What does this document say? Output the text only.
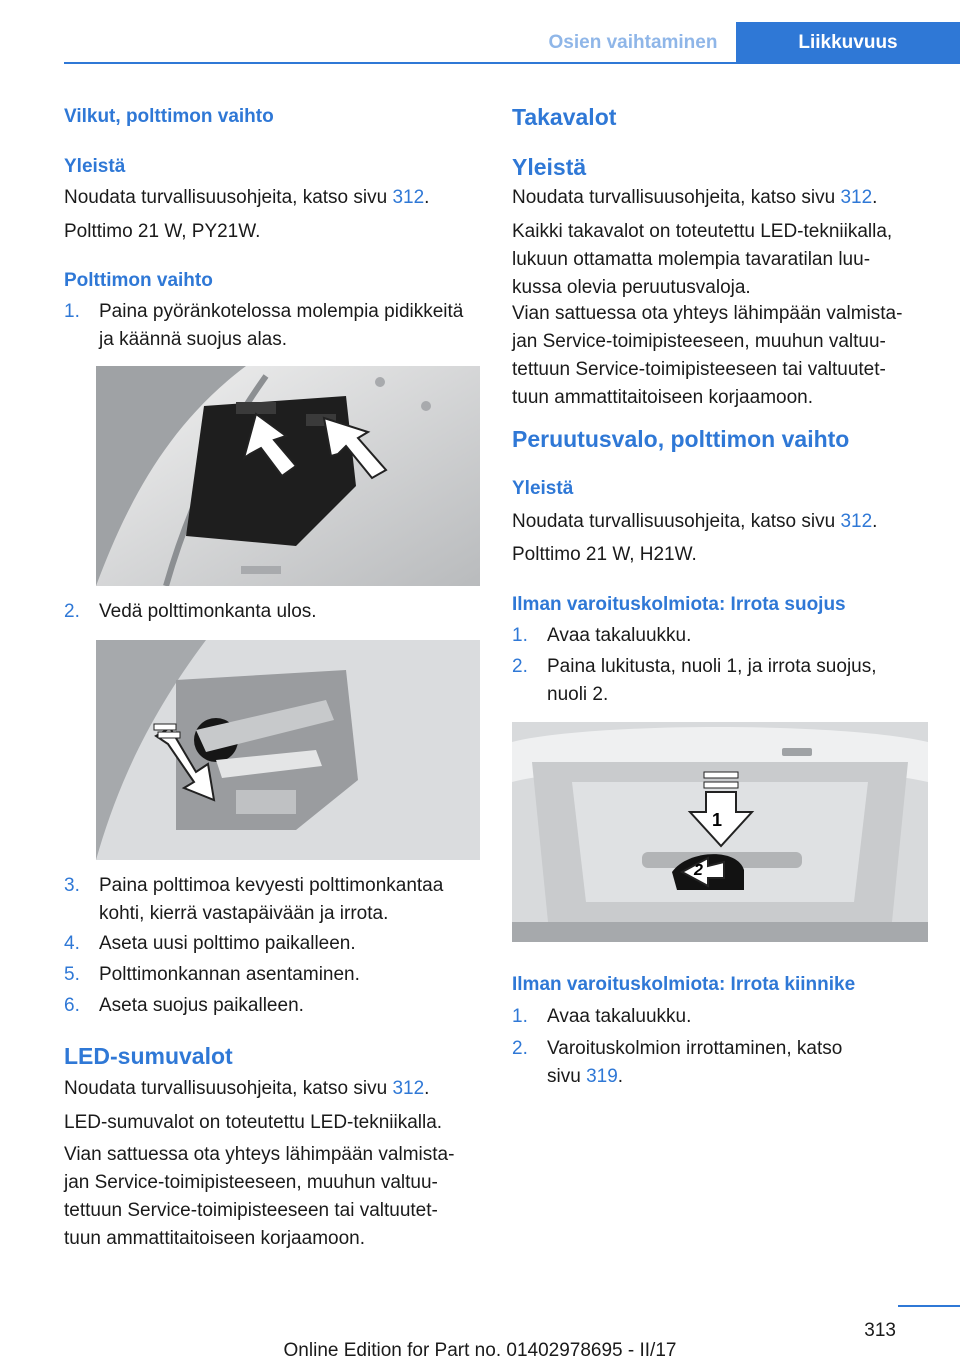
Osien vaihtaminen	Liikkuvuus
Vilkut, polttimon vaihto
Yleistä
Noudata turvallisuusohjeita, katso sivu 312.
Polttimo 21 W, PY21W.
Polttimon vaihto
1. Paina pyöränkotelossa molempia pidikkeitä
ja käännä suojus alas.
2. Vedä polttimonkanta ulos.
3. Paina polttimoa kevyesti polttimonkantaa
kohti, kierrä vastapäivään ja irrota.
4. Aseta uusi polttimo paikalleen.
5. Polttimonkannan asentaminen.
6. Aseta suojus paikalleen.
LED-sumuvalot
Noudata turvallisuusohjeita, katso sivu 312.
LED-sumuvalot on toteutettu LED-tekniikalla.
Vian sattuessa ota yhteys lähimpään valmista-
jan Service-toimipisteeseen, muuhun valtuu-
tettuun Service-toimipisteeseen tai valtuutet-
tuun ammattitaitoiseen korjaamoon.
Takavalot
Yleistä
Noudata turvallisuusohjeita, katso sivu 312.
Kaikki takavalot on toteutettu LED-tekniikalla,
lukuun ottamatta molempia tavaratilan luu-
kussa olevia peruutusvaloja.
Vian sattuessa ota yhteys lähimpään valmista-
jan Service-toimipisteeseen, muuhun valtuu-
tettuun Service-toimipisteeseen tai valtuutet-
tuun ammattitaitoiseen korjaamoon.
Peruutusvalo, polttimon vaihto
Yleistä
Noudata turvallisuusohjeita, katso sivu 312.
Polttimo 21 W, H21W.
Ilman varoituskolmiota: Irrota suojus
1. Avaa takaluukku.
2. Paina lukitusta, nuoli 1, ja irrota suojus,
nuoli 2.
1
2
Ilman varoituskolmiota: Irrota kiinnike
1. Avaa takaluukku.
2. Varoituskolmion irrottaminen, katso
sivu 319.
313
Online Edition for Part no. 01402978695 - II/17
